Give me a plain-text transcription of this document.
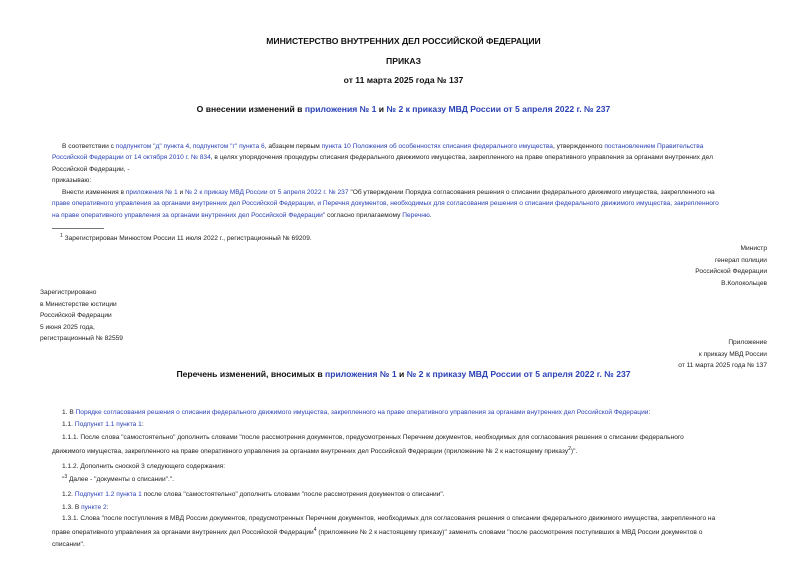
МИНИСТЕРСТВО ВНУТРЕННИХ ДЕЛ РОССИЙСКОЙ ФЕДЕРАЦИИ
ПРИКАЗ
от 11 марта 2025 года № 137
О внесении изменений в приложения № 1 и № 2 к приказу МВД России от 5 апреля 2022 г. № 237
В соответствии с подпунктом "д" пункта 4, подпунктом "г" пункта 6, абзацем первым пункта 10 Положения об особенностях списания федерального имущества, утвержденного постановлением Правительства
Российской Федерации от 14 октября 2010 г. № 834, в целях упорядочения процедуры списания федерального движимого имущества, закрепленного на праве оперативного управления за органами внутренних дел
Российской Федерации, -
приказываю:
Внести изменения в приложения № 1 и № 2 к приказу МВД России от 5 апреля 2022 г. № 237 "Об утверждении Порядка согласования решения о списании федерального движимого имущества, закрепленного на
праве оперативного управления за органами внутренних дел Российской Федерации, и Перечня документов, необходимых для согласования решения о списании федерального движимого имущества, закрепленного
на праве оперативного управления за органами внутренних дел Российской Федерации" согласно прилагаемому Перечню.
$^1$ Зарегистрирован Минюстом России 11 июля 2022 г., регистрационный № 69209.
Министр
генерал полиции
Российской Федерации
В.Колокольцев
Зарегистрировано
в Министерстве юстиции
Российской Федерации
5 июня 2025 года,
регистрационный № 82559
Приложение
к приказу МВД России
от 11 марта 2025 года № 137
Перечень изменений, вносимых в приложения № 1 и № 2 к приказу МВД России от 5 апреля 2022 г. № 237
1. В Порядке согласования решения о списании федерального движимого имущества, закрепленного на праве оперативного управления за органами внутренних дел Российской Федерации:
1.1. Подпункт 1.1 пункта 1:
1.1.1. После слова "самостоятельно" дополнить словами "после рассмотрения документов, предусмотренных Перечнем документов, необходимых для согласования решения о списании федерального
движимого имущества, закрепленного на праве оперативного управления за органами внутренних дел Российской Федерации (приложение № 2 к настоящему приказу$^2$)".
1.1.2. Дополнить сноской 3 следующего содержания:
"$^3$ Далее - "документы о списании".".
1.2. Подпункт 1.2 пункта 1 после слова "самостоятельно" дополнить словами "после рассмотрения документов о списании".
1.3. В пункте 2:
1.3.1. Слова "после поступления в МВД России документов, предусмотренных Перечнем документов, необходимых для согласования решения о списании федерального движимого имущества, закрепленного на
праве оперативного управления за органами внутренних дел Российской Федерации$^4$ (приложение № 2 к настоящему приказу)" заменить словами "после рассмотрения поступивших в МВД России документов о
списании".
